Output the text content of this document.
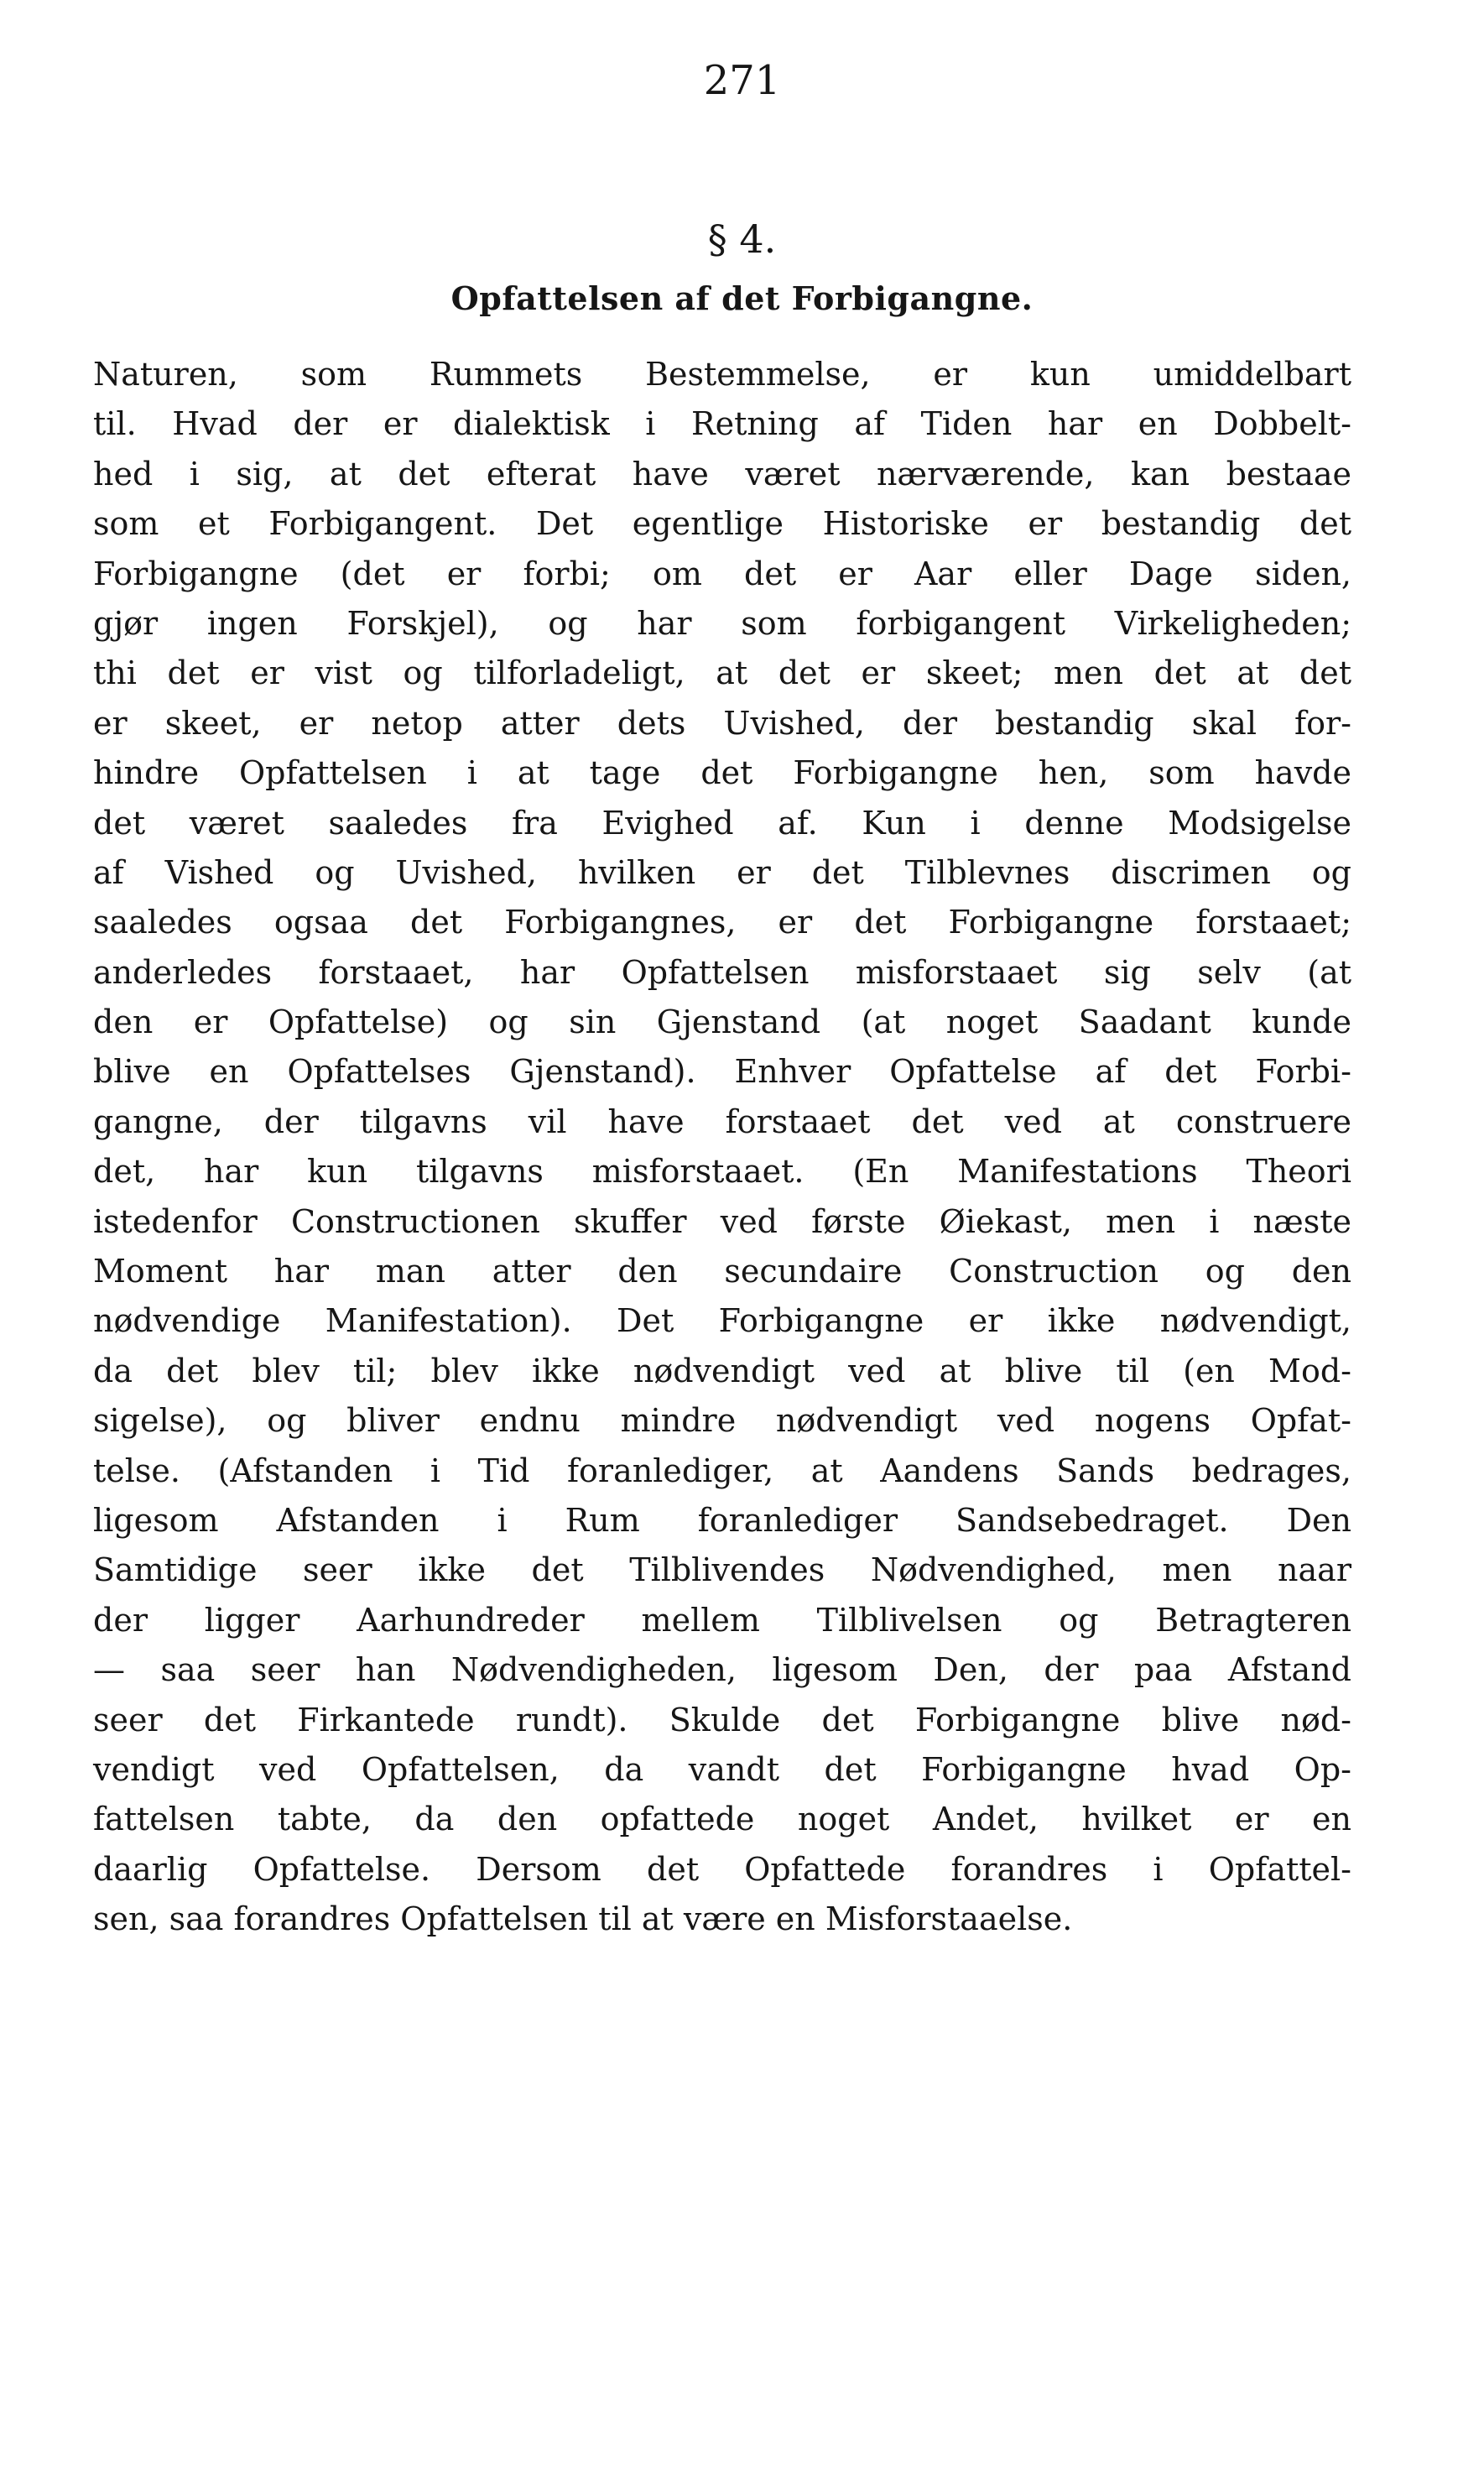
271
§ 4.
Opfattelsen af det Forbigangne.
Naturen, som Rummets Bestemmelse, er kun umiddelbart
til. Hvad der er dialektisk i Retning af Tiden har en Dobbelt-
hed i sig, at det efterat have været nærværende, kan bestaae
som et Forbigangent. Det egentlige Historiske er bestandig det
Forbigangne (det er forbi; om det er Aar eller Dage siden,
gjør ingen Forskjel), og har som forbigangent Virkeligheden;
thi det er vist og tilforladeligt, at det er skeet; men det at det
er skeet, er netop atter dets Uvished, der bestandig skal for-
hindre Opfattelsen i at tage det Forbigangne hen, som havde
det været saaledes fra Evighed af. Kun i denne Modsigelse
af Vished og Uvished, hvilken er det Tilblevnes discrimen og
saaledes ogsaa det Forbigangnes, er det Forbigangne forstaaet;
anderledes forstaaet, har Opfattelsen misforstaaet sig selv (at
den er Opfattelse) og sin Gjenstand (at noget Saadant kunde
blive en Opfattelses Gjenstand). Enhver Opfattelse af det Forbi-
gangne, der tilgavns vil have forstaaet det ved at construere
det, har kun tilgavns misforstaaet. (En Manifestations Theori
istedenfor Constructionen skuffer ved første Øiekast, men i næste
Moment har man atter den secundaire Construction og den
nødvendige Manifestation). Det Forbigangne er ikke nødvendigt,
da det blev til; blev ikke nødvendigt ved at blive til (en Mod-
sigelse), og bliver endnu mindre nødvendigt ved nogens Opfat-
telse. (Afstanden i Tid foranlediger, at Aandens Sands bedrages,
ligesom Afstanden i Rum foranlediger Sandsebedraget. Den
Samtidige seer ikke det Tilblivendes Nødvendighed, men naar
der ligger Aarhundreder mellem Tilblivelsen og Betragteren
— saa seer han Nødvendigheden, ligesom Den, der paa Afstand
seer det Firkantede rundt). Skulde det Forbigangne blive nød-
vendigt ved Opfattelsen, da vandt det Forbigangne hvad Op-
fattelsen tabte, da den opfattede noget Andet, hvilket er en
daarlig Opfattelse. Dersom det Opfattede forandres i Opfattel-
sen, saa forandres Opfattelsen til at være en Misforstaaelse.
